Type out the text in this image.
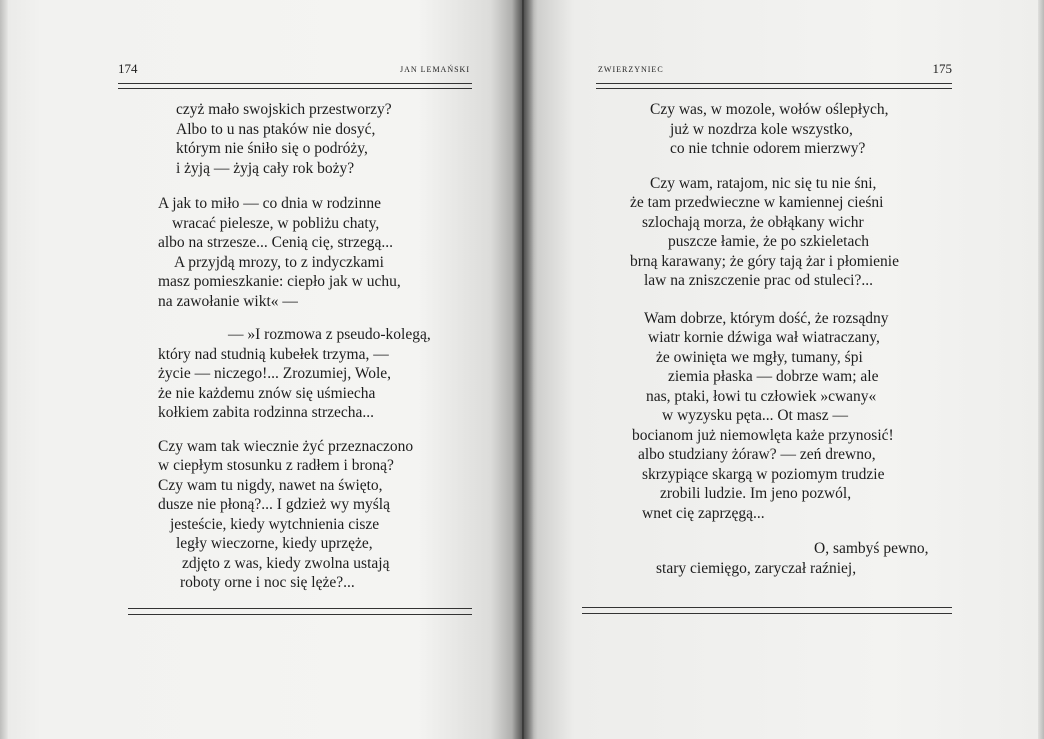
174	JAN LEMAŃSKI
czyż mało swojskich przestworzy?
Albo to u nas ptaków nie dosyć,
którym nie śniło się o podróży,
i żyją — żyją cały rok boży?
A jak to miło — co dnia w rodzinne
wracać pielesze, w pobliżu chaty,
albo na strzesze... Cenią cię, strzegą...
A przyjdą mrozy, to z indyczkami
masz pomieszkanie: ciepło jak w uchu,
na zawołanie wikt« —
— »I rozmowa z pseudo-kolegą,
który nad studnią kubełek trzyma, —
życie — niczego!... Zrozumiej, Wole,
że nie każdemu znów się uśmiecha
kołkiem zabita rodzinna strzecha...
Czy wam tak wiecznie żyć przeznaczono
w ciepłym stosunku z radłem i broną?
Czy wam tu nigdy, nawet na święto,
dusze nie płoną?... I gdzież wy myślą
jesteście, kiedy wytchnienia cisze
legły wieczorne, kiedy uprzęże,
zdjęto z was, kiedy zwolna ustają
roboty orne i noc się lęże?...
ZWIERZYNIEC	175
Czy was, w mozole, wołów oślepłych,
już w nozdrza kole wszystko,
co nie tchnie odorem mierzwy?
Czy wam, ratajom, nic się tu nie śni,
że tam przedwieczne w kamiennej cieśni
szlochają morza, że obłąkany wichr
puszcze łamie, że po szkieletach
brną karawany; że góry tają żar i płomienie
law na zniszczenie prac od stuleci?...
Wam dobrze, którym dość, że rozsądny
wiatr kornie dźwiga wał wiatraczany,
że owinięta we mgły, tumany, śpi
ziemia płaska — dobrze wam; ale
nas, ptaki, łowi tu człowiek »cwany«
w wyzysku pęta... Ot masz —
bocianom już niemowlęta każe przynosić!
albo studziany żóraw? — zeń drewno,
skrzypiące skargą w poziomym trudzie
zrobili ludzie. Im jeno pozwól,
wnet cię zaprzęgą...
O, sambyś pewno,
stary ciemięgo, zaryczał raźniej,
